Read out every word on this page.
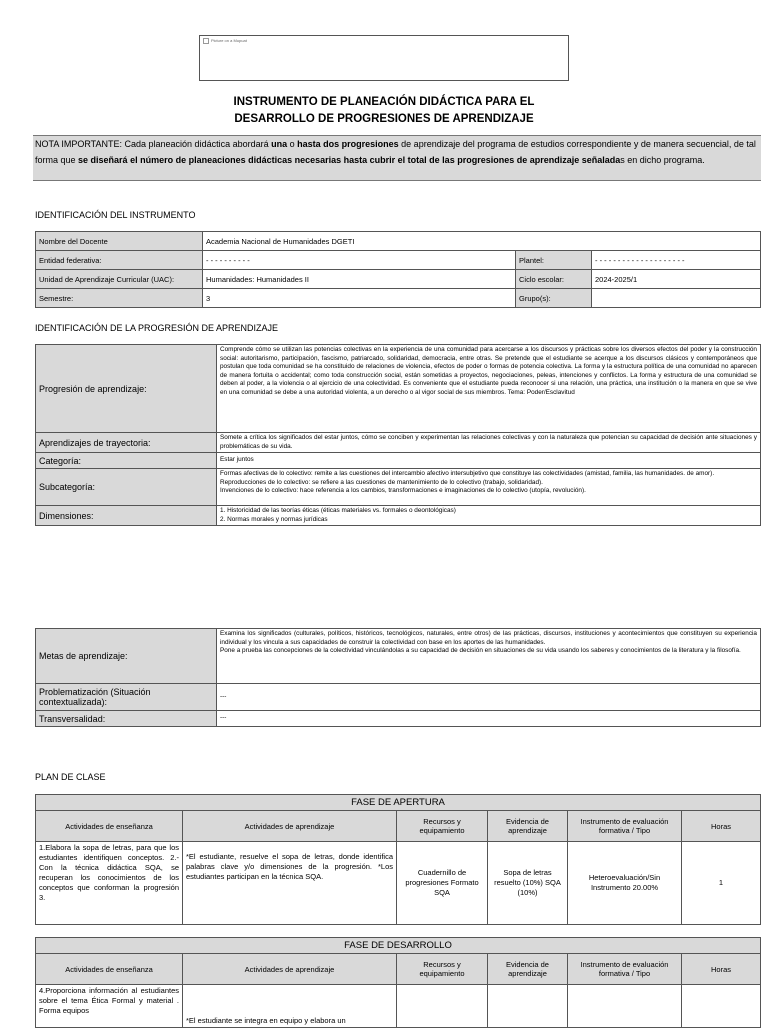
Picture on a Mupuat
INSTRUMENTO DE PLANEACIÓN DIDÁCTICA PARA EL
DESARROLLO DE PROGRESIONES DE APRENDIZAJE
NOTA IMPORTANTE: Cada planeación didáctica abordará una o hasta dos progresiones de aprendizaje del programa de estudios correspondiente y de manera secuencial, de tal forma que se diseñará el número de planeaciones didácticas necesarias hasta cubrir el total de las progresiones de aprendizaje señaladas en dicho programa.
IDENTIFICACIÓN DEL INSTRUMENTO
Nombre del Docente	Academia Nacional de Humanidades DGETI		
Entidad federativa:	- - - - - - - - - -	Plantel:	- - - - - - - - - - - - - - - - - - - -
Unidad de Aprendizaje Curricular (UAC):	Humanidades: Humanidades II	Ciclo escolar:	2024-2025/1
Semestre:	3	Grupo(s):	
IDENTIFICACIÓN DE LA PROGRESIÓN DE APRENDIZAJE
Progresión de aprendizaje:	Comprende cómo se utilizan las potencias colectivas en la experiencia de una comunidad para acercarse a los discursos y prácticas sobre los diversos efectos del poder y la construcción social: autoritarismo, participación, fascismo, patriarcado, solidaridad, democracia, entre otras. Se pretende que el estudiante se acerque a los discursos clásicos y contemporáneos que postulan que toda comunidad se ha constituido de relaciones de violencia, efectos de poder o formas de potencia colectiva. La forma y la estructura política de una comunidad no aparecen de manera fortuita o accidental; como toda construcción social, están sometidas a proyectos, negociaciones, peleas, intenciones y conflictos. La forma y estructura de una comunidad se deben al poder, a la violencia o al ejercicio de una colectividad. Es conveniente que el estudiante pueda reconocer si una relación, una práctica, una institución o la manera en que se vive en una comunidad se debe a una autoridad violenta, a un derecho o al vigor social de sus miembros. Tema: Poder/Esclavitud
Aprendizajes de trayectoria:	Somete a crítica los significados del estar juntos, cómo se conciben y experimentan las relaciones colectivas y con la naturaleza que potencian su capacidad de decisión ante situaciones y problemáticas de su vida.
Categoría:	Estar juntos
Subcategoría:	Formas afectivas de lo colectivo: remite a las cuestiones del intercambio afectivo intersubjetivo que constituye las colectividades (amistad, familia, las humanidades. de amor).
Reproducciones de lo colectivo: se refiere a las cuestiones de mantenimiento de lo colectivo (trabajo, solidaridad).
Invenciones de lo colectivo: hace referencia a los cambios, transformaciones e imaginaciones de lo colectivo (utopía, revolución).

Dimensiones:	1. Historicidad de las teorías éticas (éticas materiales vs. formales o deontológicas)
2. Normas morales y normas jurídicas
Metas de aprendizaje:	Examina los significados (culturales, políticos, históricos, tecnológicos, naturales, entre otros) de las prácticas, discursos, instituciones y acontecimientos que constituyen su experiencia individual y los vincula a sus capacidades de construir la colectividad con base en los aportes de las humanidades.
Pone a prueba las concepciones de la colectividad vinculándolas a su capacidad de decisión en situaciones de su vida usando los saberes y conocimientos de la literatura y la filosofía.

Problematización (Situación contextualizada):	---
Transversalidad:	---
PLAN DE CLASE
FASE DE APERTURA					
Actividades de enseñanza	Actividades de aprendizaje	Recursos y equipamiento	Evidencia de aprendizaje	Instrumento de evaluación formativa / Tipo	Horas
1.Elabora la sopa de letras, para que los estudiantes identifiquen conceptos. 2.-Con la técnica didáctica SQA, se recuperan los conocimientos de los conceptos que conforman la progresión 3.	*El estudiante, resuelve el sopa de letras, donde identifica palabras clave y/o dimensiones de la progresión. *Los estudiantes participan en la técnica SQA.	Cuadernillo de progresiones Formato SQA	Sopa de letras resuelto (10%) SQA (10%)	Heteroevaluación/Sin Instrumento 20.00%	1
FASE DE DESARROLLO					
Actividades de enseñanza	Actividades de aprendizaje	Recursos y equipamiento	Evidencia de aprendizaje	Instrumento de evaluación formativa / Tipo	Horas
4.Proporciona información al estudiantes sobre el tema Ética Formal y material . Forma equipos	*El estudiante se integra en equipo y elabora un				
